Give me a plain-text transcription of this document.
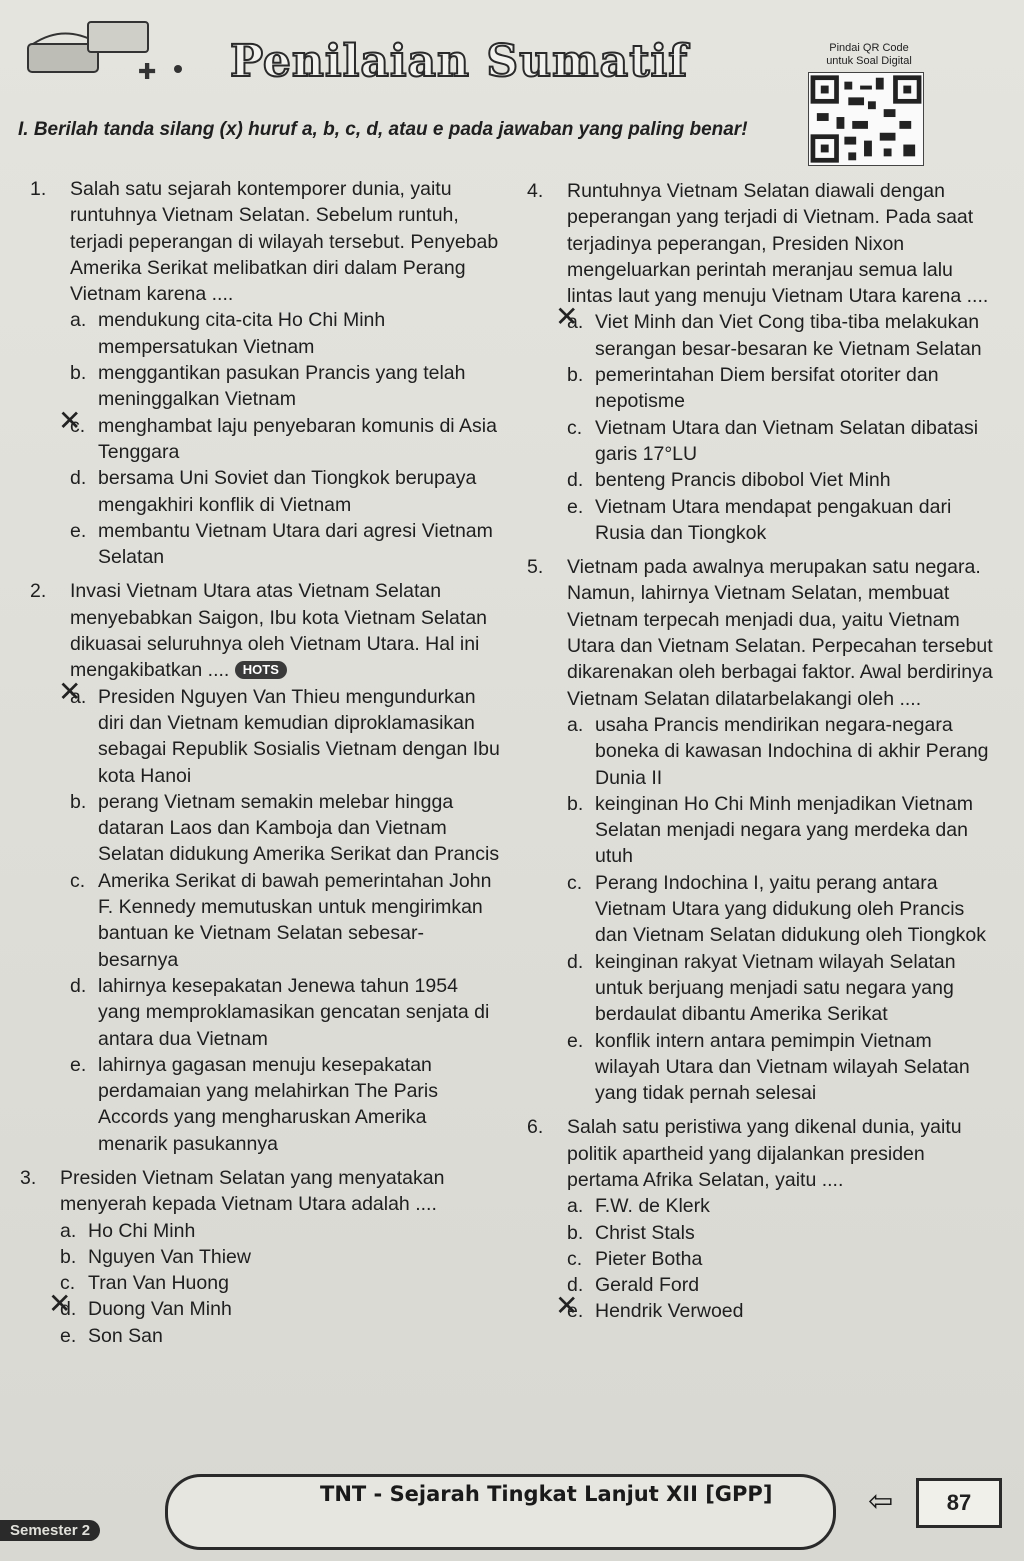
✚ Penilaian Sumatif	Pindai QR Code
untuk Soal Digital
I. Berilah tanda silang (x) huruf a, b, c, d, atau e pada jawaban yang paling benar!
1. Salah satu sejarah kontemporer dunia, yaitu runtuhnya Vietnam Selatan. Sebelum runtuh, terjadi peperangan di wilayah tersebut. Penyebab Amerika Serikat melibatkan diri dalam Perang Vietnam karena ....
a. mendukung cita-cita Ho Chi Minh mempersatukan Vietnam
b. menggantikan pasukan Prancis yang telah meninggalkan Vietnam
c. ✕ menghambat laju penyebaran komunis di Asia Tenggara
d. bersama Uni Soviet dan Tiongkok berupaya mengakhiri konflik di Vietnam
e. membantu Vietnam Utara dari agresi Vietnam Selatan
2. Invasi Vietnam Utara atas Vietnam Selatan menyebabkan Saigon, Ibu kota Vietnam Selatan dikuasai seluruhnya oleh Vietnam Utara. Hal ini mengakibatkan .... HOTS
a. ✕ Presiden Nguyen Van Thieu mengundurkan diri dan Vietnam kemudian diproklamasikan sebagai Republik Sosialis Vietnam dengan Ibu kota Hanoi
b. perang Vietnam semakin melebar hingga dataran Laos dan Kamboja dan Vietnam Selatan didukung Amerika Serikat dan Prancis
c. Amerika Serikat di bawah pemerintahan John F. Kennedy memutuskan untuk mengirimkan bantuan ke Vietnam Selatan sebesar-besarnya
d. lahirnya kesepakatan Jenewa tahun 1954 yang memproklamasikan gencatan senjata di antara dua Vietnam
e. lahirnya gagasan menuju kesepakatan perdamaian yang melahirkan The Paris Accords yang mengharuskan Amerika menarik pasukannya
3. Presiden Vietnam Selatan yang menyatakan menyerah kepada Vietnam Utara adalah ....
a. Ho Chi Minh
b. Nguyen Van Thiew
c. Tran Van Huong
d. ✕ Duong Van Minh
e. Son San
4. Runtuhnya Vietnam Selatan diawali dengan peperangan yang terjadi di Vietnam. Pada saat terjadinya peperangan, Presiden Nixon mengeluarkan perintah meranjau semua lalu lintas laut yang menuju Vietnam Utara karena ....
a. ✕ Viet Minh dan Viet Cong tiba-tiba melakukan serangan besar-besaran ke Vietnam Selatan
b. pemerintahan Diem bersifat otoriter dan nepotisme
c. Vietnam Utara dan Vietnam Selatan dibatasi garis 17°LU
d. benteng Prancis dibobol Viet Minh
e. Vietnam Utara mendapat pengakuan dari Rusia dan Tiongkok
5. Vietnam pada awalnya merupakan satu negara. Namun, lahirnya Vietnam Selatan, membuat Vietnam terpecah menjadi dua, yaitu Vietnam Utara dan Vietnam Selatan. Perpecahan tersebut dikarenakan oleh berbagai faktor. Awal berdirinya Vietnam Selatan dilatarbelakangi oleh ....
a. usaha Prancis mendirikan negara-negara boneka di kawasan Indochina di akhir Perang Dunia II
b. keinginan Ho Chi Minh menjadikan Vietnam Selatan menjadi negara yang merdeka dan utuh
c. Perang Indochina I, yaitu perang antara Vietnam Utara yang didukung oleh Prancis dan Vietnam Selatan didukung oleh Tiongkok
d. keinginan rakyat Vietnam wilayah Selatan untuk berjuang menjadi satu negara yang berdaulat dibantu Amerika Serikat
e. konflik intern antara pemimpin Vietnam wilayah Utara dan Vietnam wilayah Selatan yang tidak pernah selesai
6. Salah satu peristiwa yang dikenal dunia, yaitu politik apartheid yang dijalankan presiden pertama Afrika Selatan, yaitu ....
a. F.W. de Klerk
b. Christ Stals
c. Pieter Botha
d. Gerald Ford
e. ✕ Hendrik Verwoed
TNT - Sejarah Tingkat Lanjut XII [GPP]
Semester 2
⇦	87
